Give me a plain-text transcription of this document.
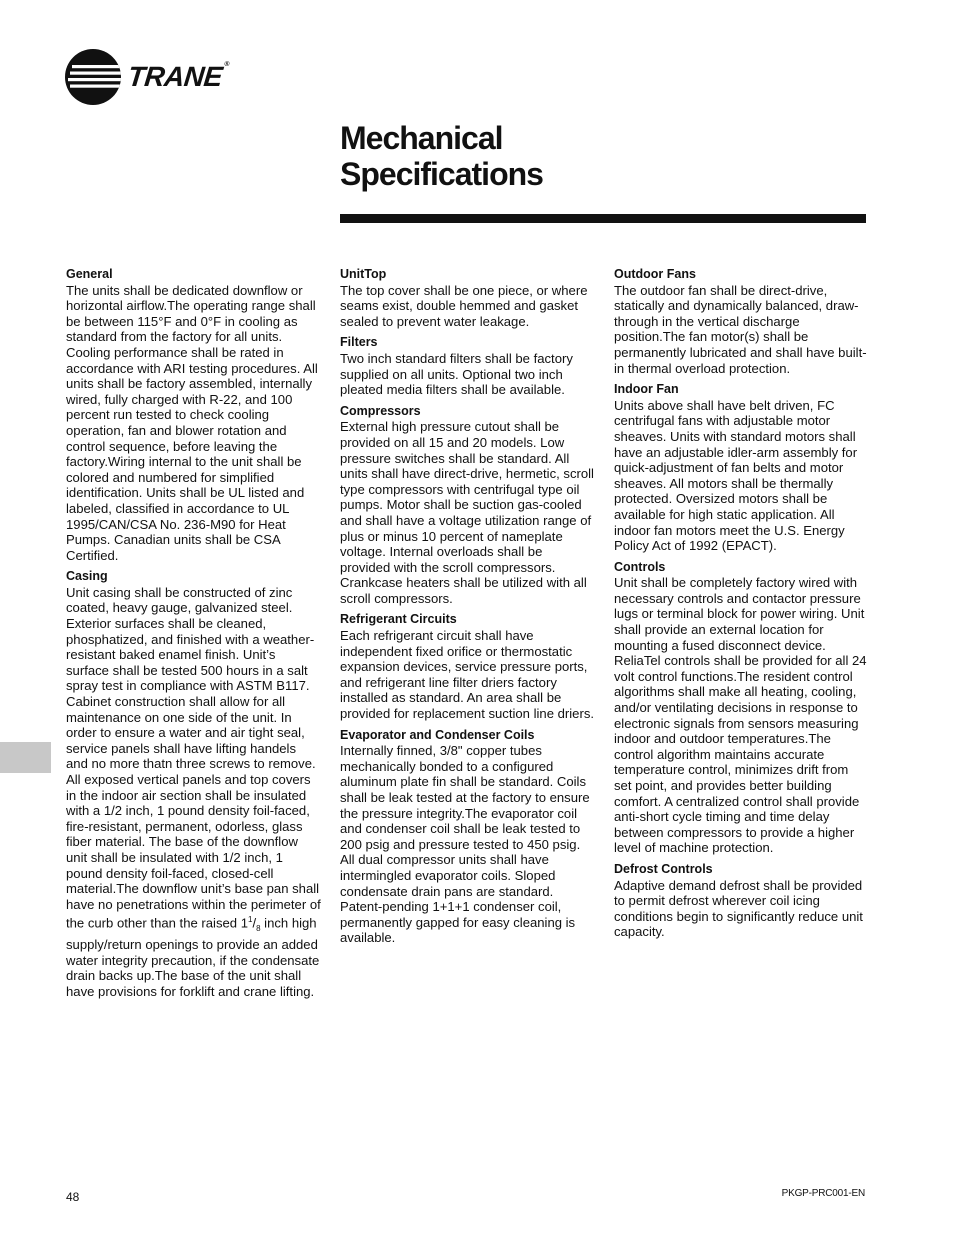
TRANE®
Mechanical
Specifications
General

The units shall be dedicated downflow or horizontal airflow.The operating range shall be between 115°F and 0°F in cooling as standard from the factory for all units. Cooling performance shall be rated in accordance with ARI testing procedures. All units shall be factory assembled, internally wired, fully charged with R-22, and 100 percent run tested to check cooling operation, fan and blower rotation and control sequence, before leaving the factory.Wiring internal to the unit shall be colored and numbered for simplified identification. Units shall be UL listed and labeled, classified in accordance to UL 1995/CAN/CSA No. 236-M90 for Heat Pumps. Canadian units shall be CSA Certified.

Casing

Unit casing shall be constructed of zinc coated, heavy gauge, galvanized steel. Exterior surfaces shall be cleaned, phosphatized, and finished with a weather-resistant baked enamel finish. Unit’s surface shall be tested 500 hours in a salt spray test in compliance with ASTM B117. Cabinet construction shall allow for all maintenance on one side of the unit. In order to ensure a water and air tight seal, service panels shall have lifting handels and no more thatn three screws to remove. All exposed vertical panels and top covers in the indoor air section shall be insulated with a 1/2 inch, 1 pound density foil-faced, fire-resistant, permanent, odorless, glass fiber material. The base of the downflow unit shall be insulated with 1/2 inch, 1 pound density foil-faced, closed-cell material.The downflow unit’s base pan shall have no penetrations within the perimeter of the curb other than the raised $1^1/_8$ inch high supply/return openings to provide an added water integrity precaution, if the condensate drain backs up.The base of the unit shall have provisions for forklift and crane lifting.

UnitTop

The top cover shall be one piece, or where seams exist, double hemmed and gasket sealed to prevent water leakage.

Filters

Two inch standard filters shall be factory supplied on all units. Optional two inch pleated media filters shall be available.

Compressors

External high pressure cutout shall be provided on all 15 and 20 models. Low pressure switches shall be standard. All units shall have direct-drive, hermetic, scroll type compressors with centrifugal type oil pumps. Motor shall be suction gas-cooled and shall have a voltage utilization range of plus or minus 10 percent of nameplate voltage. Internal overloads shall be provided with the scroll compressors. Crankcase heaters shall be utilized with all scroll compressors.

Refrigerant Circuits

Each refrigerant circuit shall have independent fixed orifice or thermostatic expansion devices, service pressure ports, and refrigerant line filter driers factory installed as standard. An area shall be provided for replacement suction line driers.

Evaporator and Condenser Coils

Internally finned, 3/8" copper tubes mechanically bonded to a configured aluminum plate fin shall be standard. Coils shall be leak tested at the factory to ensure the pressure integrity.The evaporator coil and condenser coil shall be leak tested to 200 psig and pressure tested to 450 psig. All dual compressor units shall have intermingled evaporator coils. Sloped condensate drain pans are standard. Patent-pending 1+1+1 condenser coil, permanently gapped for easy cleaning is available.

Outdoor Fans

The outdoor fan shall be direct-drive, statically and dynamically balanced, draw-through in the vertical discharge position.The fan motor(s) shall be permanently lubricated and shall have built-in thermal overload protection.

Indoor Fan

Units above shall have belt driven, FC centrifugal fans with adjustable motor sheaves. Units with standard motors shall have an adjustable idler-arm assembly for quick-adjustment of fan belts and motor sheaves. All motors shall be thermally protected. Oversized motors shall be available for high static application. All indoor fan motors meet the U.S. Energy Policy Act of 1992 (EPACT).

Controls

Unit shall be completely factory wired with necessary controls and contactor pressure lugs or terminal block for power wiring. Unit shall provide an external location for mounting a fused disconnect device. ReliaTel controls shall be provided for all 24 volt control functions.The resident control algorithms shall make all heating, cooling, and/or ventilating decisions in response to electronic signals from sensors measuring indoor and outdoor temperatures.The control algorithm maintains accurate temperature control, minimizes drift from set point, and provides better building comfort. A centralized control shall provide anti-short cycle timing and time delay between compressors to provide a higher level of machine protection.

Defrost Controls

Adaptive demand defrost shall be provided to permit defrost wherever coil icing conditions begin to significantly reduce unit capacity.

48	PKGP-PRC001-EN
